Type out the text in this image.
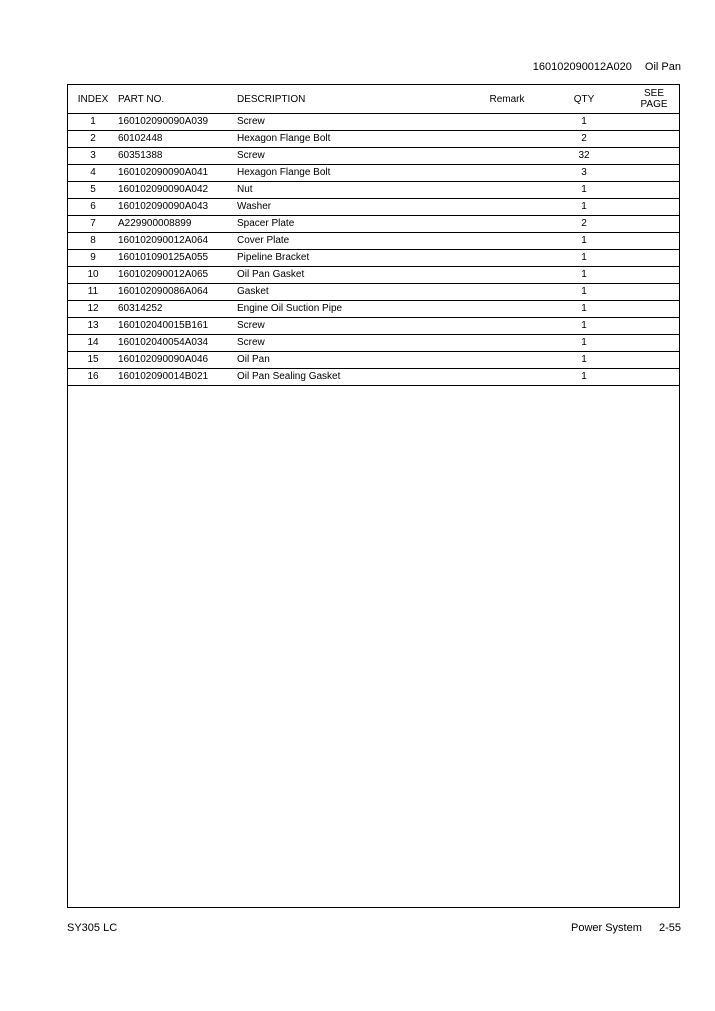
160102090012A020 Oil Pan
INDEX	PART NO.	DESCRIPTION	Remark	QTY	SEE
PAGE

1	160102090090A039	Screw		1	
2	60102448	Hexagon Flange Bolt		2	
3	60351388	Screw		32	
4	160102090090A041	Hexagon Flange Bolt		3	
5	160102090090A042	Nut		1	
6	160102090090A043	Washer		1	
7	A229900008899	Spacer Plate		2	
8	160102090012A064	Cover Plate		1	
9	160101090125A055	Pipeline Bracket		1	
10	160102090012A065	Oil Pan Gasket		1	
11	160102090086A064	Gasket		1	
12	60314252	Engine Oil Suction Pipe		1	
13	160102040015B161	Screw		1	
14	160102040054A034	Screw		1	
15	160102090090A046	Oil Pan		1	
16	160102090014B021	Oil Pan Sealing Gasket		1	
SY305 LC	Power System 2-55
